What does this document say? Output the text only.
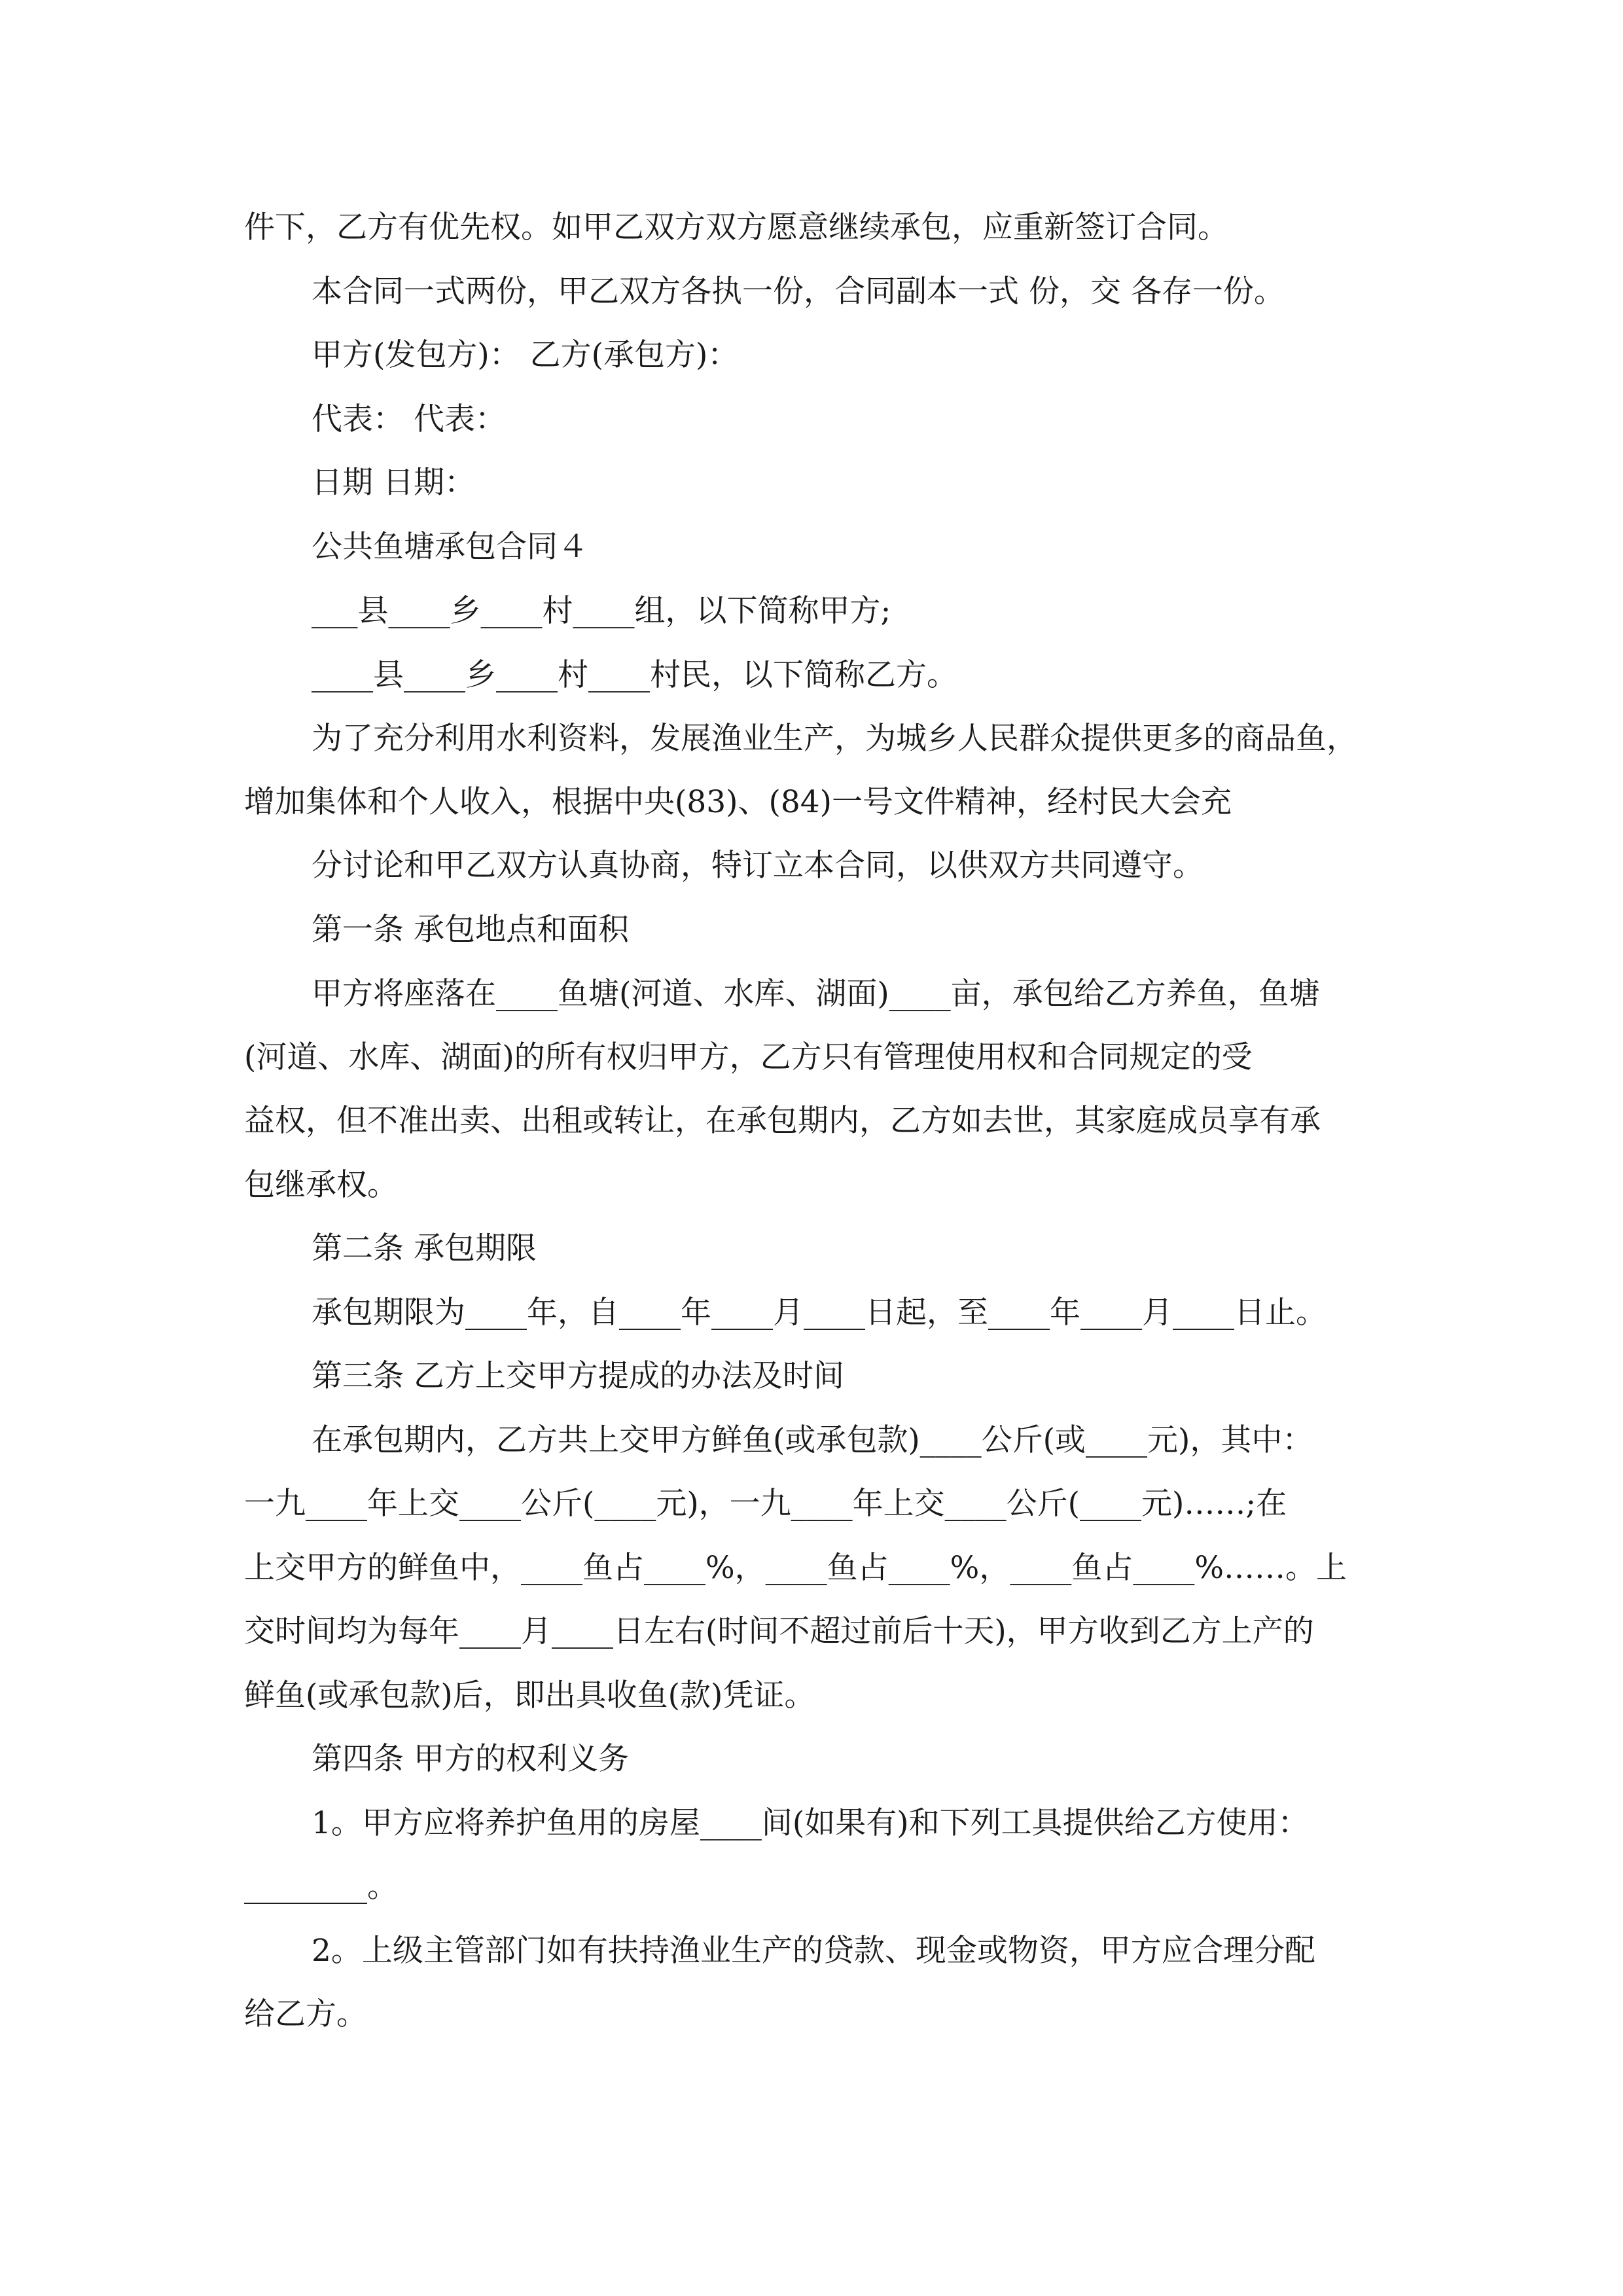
件下，乙方有优先权。如甲乙双方双方愿意继续承包，应重新签订合同。
本合同一式两份，甲乙双方各执一份，合同副本一式 份，交 各存一份。
甲方(发包方)： 乙方(承包方)：
代表： 代表：
日期 日期：
公共鱼塘承包合同４
___县____乡____村____组，以下简称甲方;
____县____乡____村____村民，以下简称乙方。
为了充分利用水利资料，发展渔业生产，为城乡人民群众提供更多的商品鱼，
增加集体和个人收入，根据中央(83)、(84)一号文件精神，经村民大会充
分讨论和甲乙双方认真协商，特订立本合同，以供双方共同遵守。
第一条 承包地点和面积
甲方将座落在____鱼塘(河道、水库、湖面)____亩，承包给乙方养鱼，鱼塘
(河道、水库、湖面)的所有权归甲方，乙方只有管理使用权和合同规定的受
益权，但不准出卖、出租或转让，在承包期内，乙方如去世，其家庭成员享有承
包继承权。
第二条 承包期限
承包期限为____年，自____年____月____日起，至____年____月____日止。
第三条 乙方上交甲方提成的办法及时间
在承包期内，乙方共上交甲方鲜鱼(或承包款)____公斤(或____元)，其中：
一九____年上交____公斤(____元)，一九____年上交____公斤(____元)……;在
上交甲方的鲜鱼中，____鱼占____%，____鱼占____%，____鱼占____%……。上
交时间均为每年____月____日左右(时间不超过前后十天)，甲方收到乙方上产的
鲜鱼(或承包款)后，即出具收鱼(款)凭证。
第四条 甲方的权利义务
1。甲方应将养护鱼用的房屋____间(如果有)和下列工具提供给乙方使用：
________。
2。上级主管部门如有扶持渔业生产的贷款、现金或物资，甲方应合理分配
给乙方。
